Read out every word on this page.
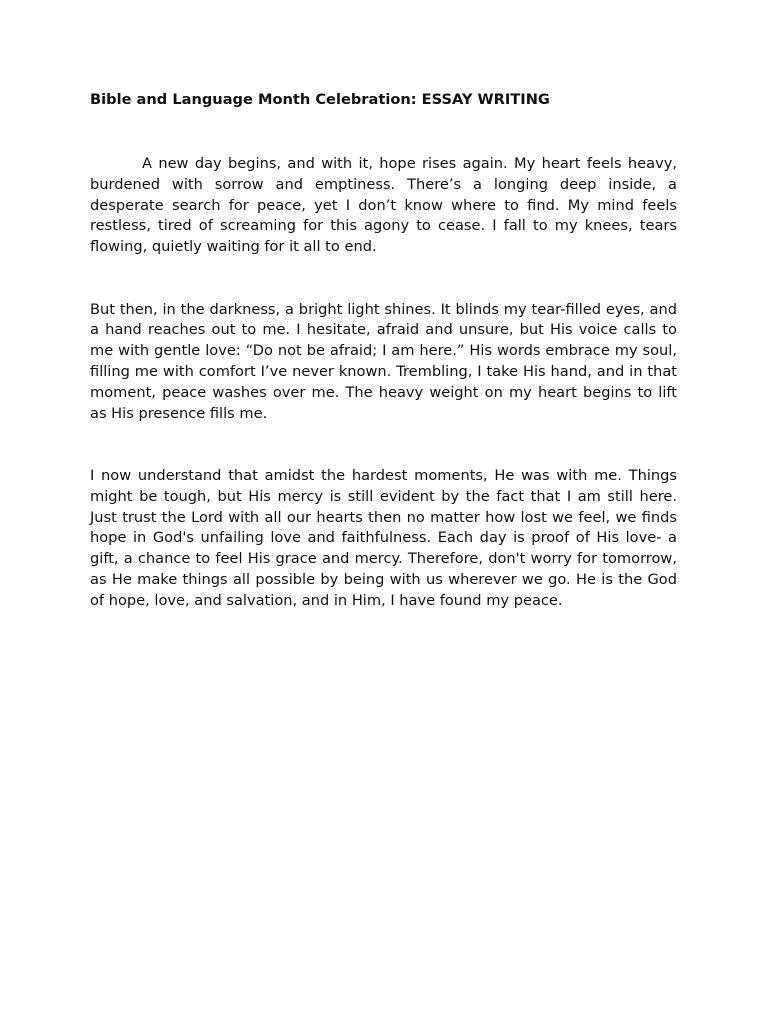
Bible and Language Month Celebration: ESSAY WRITING

A new day begins, and with it, hope rises again. My heart feels heavy, burdened with sorrow and emptiness. There’s a longing deep inside, a desperate search for peace, yet I don’t know where to find. My mind feels restless, tired of screaming for this agony to cease. I fall to my knees, tears flowing, quietly waiting for it all to end.

But then, in the darkness, a bright light shines. It blinds my tear-filled eyes, and a hand reaches out to me. I hesitate, afraid and unsure, but His voice calls to me with gentle love: “Do not be afraid; I am here.” His words embrace my soul, filling me with comfort I’ve never known. Trembling, I take His hand, and in that moment, peace washes over me. The heavy weight on my heart begins to lift as His presence fills me.

I now understand that amidst the hardest moments, He was with me. Things might be tough, but His mercy is still evident by the fact that I am still here. Just trust the Lord with all our hearts then no matter how lost we feel, we finds hope in God's unfailing love and faithfulness. Each day is proof of His love- a gift, a chance to feel His grace and mercy. Therefore, don't worry for tomorrow, as He make things all possible by being with us wherever we go. He is the God of hope, love, and salvation, and in Him, I have found my peace.
